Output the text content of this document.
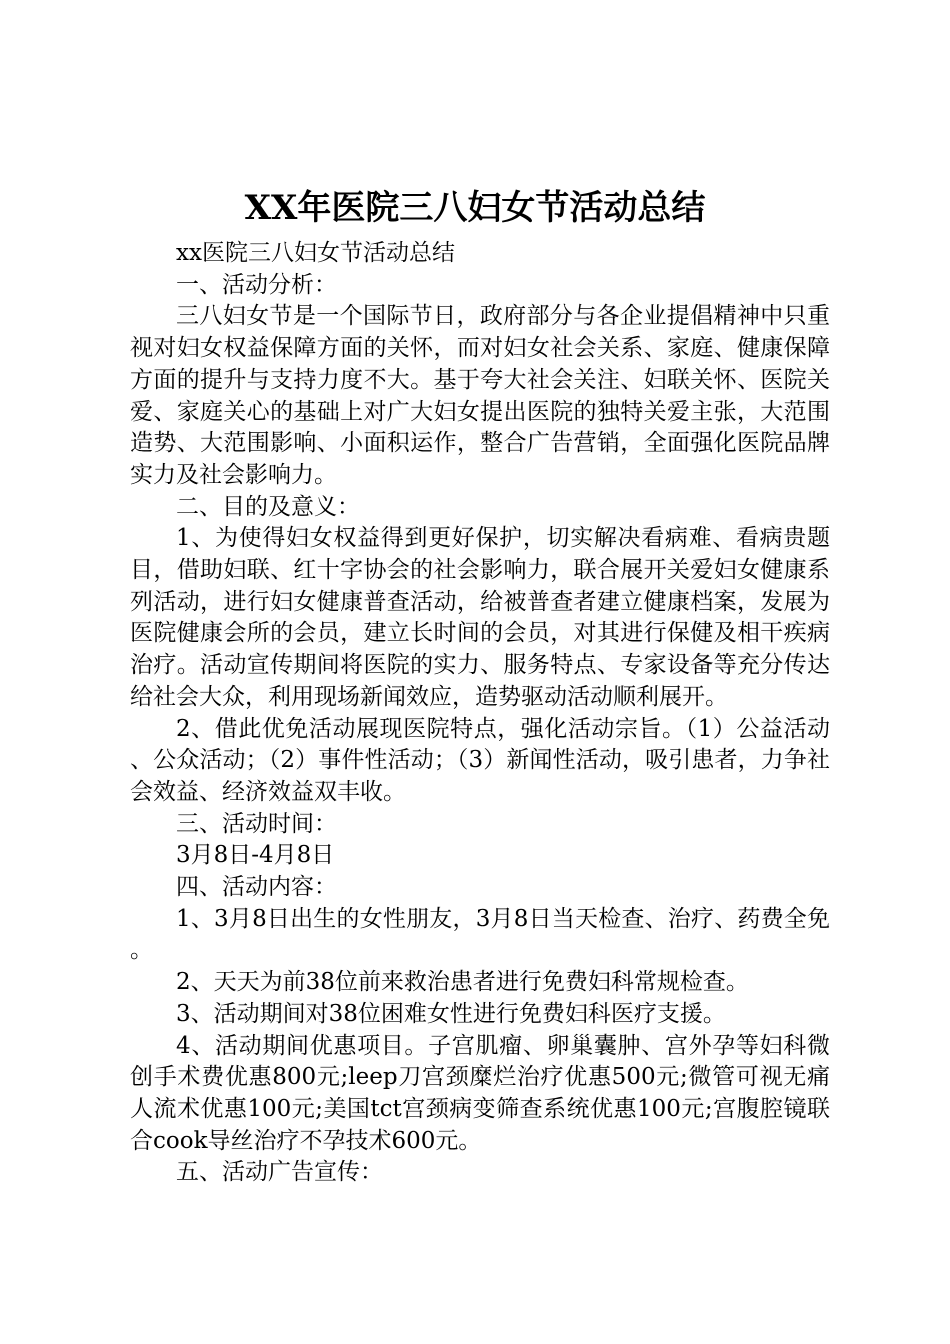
XX年医院三八妇女节活动总结

xx医院三八妇女节活动总结

一、活动分析：

三八妇女节是一个国际节日，政府部分与各企业提倡精神中只重视对妇女权益保障方面的关怀，而对妇女社会关系、家庭、健康保障方面的提升与支持力度不大。基于夸大社会关注、妇联关怀、医院关爱、家庭关心的基础上对广大妇女提出医院的独特关爱主张，大范围造势、大范围影响、小面积运作，整合广告营销，全面强化医院品牌实力及社会影响力。

二、目的及意义：

1、为使得妇女权益得到更好保护，切实解决看病难、看病贵题目，借助妇联、红十字协会的社会影响力，联合展开关爱妇女健康系列活动，进行妇女健康普查活动，给被普查者建立健康档案，发展为医院健康会所的会员，建立长时间的会员，对其进行保健及相干疾病治疗。活动宣传期间将医院的实力、服务特点、专家设备等充分传达给社会大众，利用现场新闻效应，造势驱动活动顺利展开。

2、借此优免活动展现医院特点，强化活动宗旨。（1）公益活动、公众活动；（2）事件性活动；（3）新闻性活动，吸引患者，力争社会效益、经济效益双丰收。

三、活动时间：

3月8日-4月8日

四、活动内容：

1、3月8日出生的女性朋友，3月8日当天检查、治疗、药费全免。

2、天天为前38位前来救治患者进行免费妇科常规检查。

3、活动期间对38位困难女性进行免费妇科医疗支援。

4、活动期间优惠项目。子宫肌瘤、卵巢囊肿、宫外孕等妇科微创手术费优惠800元;leep刀宫颈糜烂治疗优惠500元;微管可视无痛人流术优惠100元;美国tct宫颈病变筛查系统优惠100元;宫腹腔镜联合cook导丝治疗不孕技术600元。

五、活动广告宣传：
